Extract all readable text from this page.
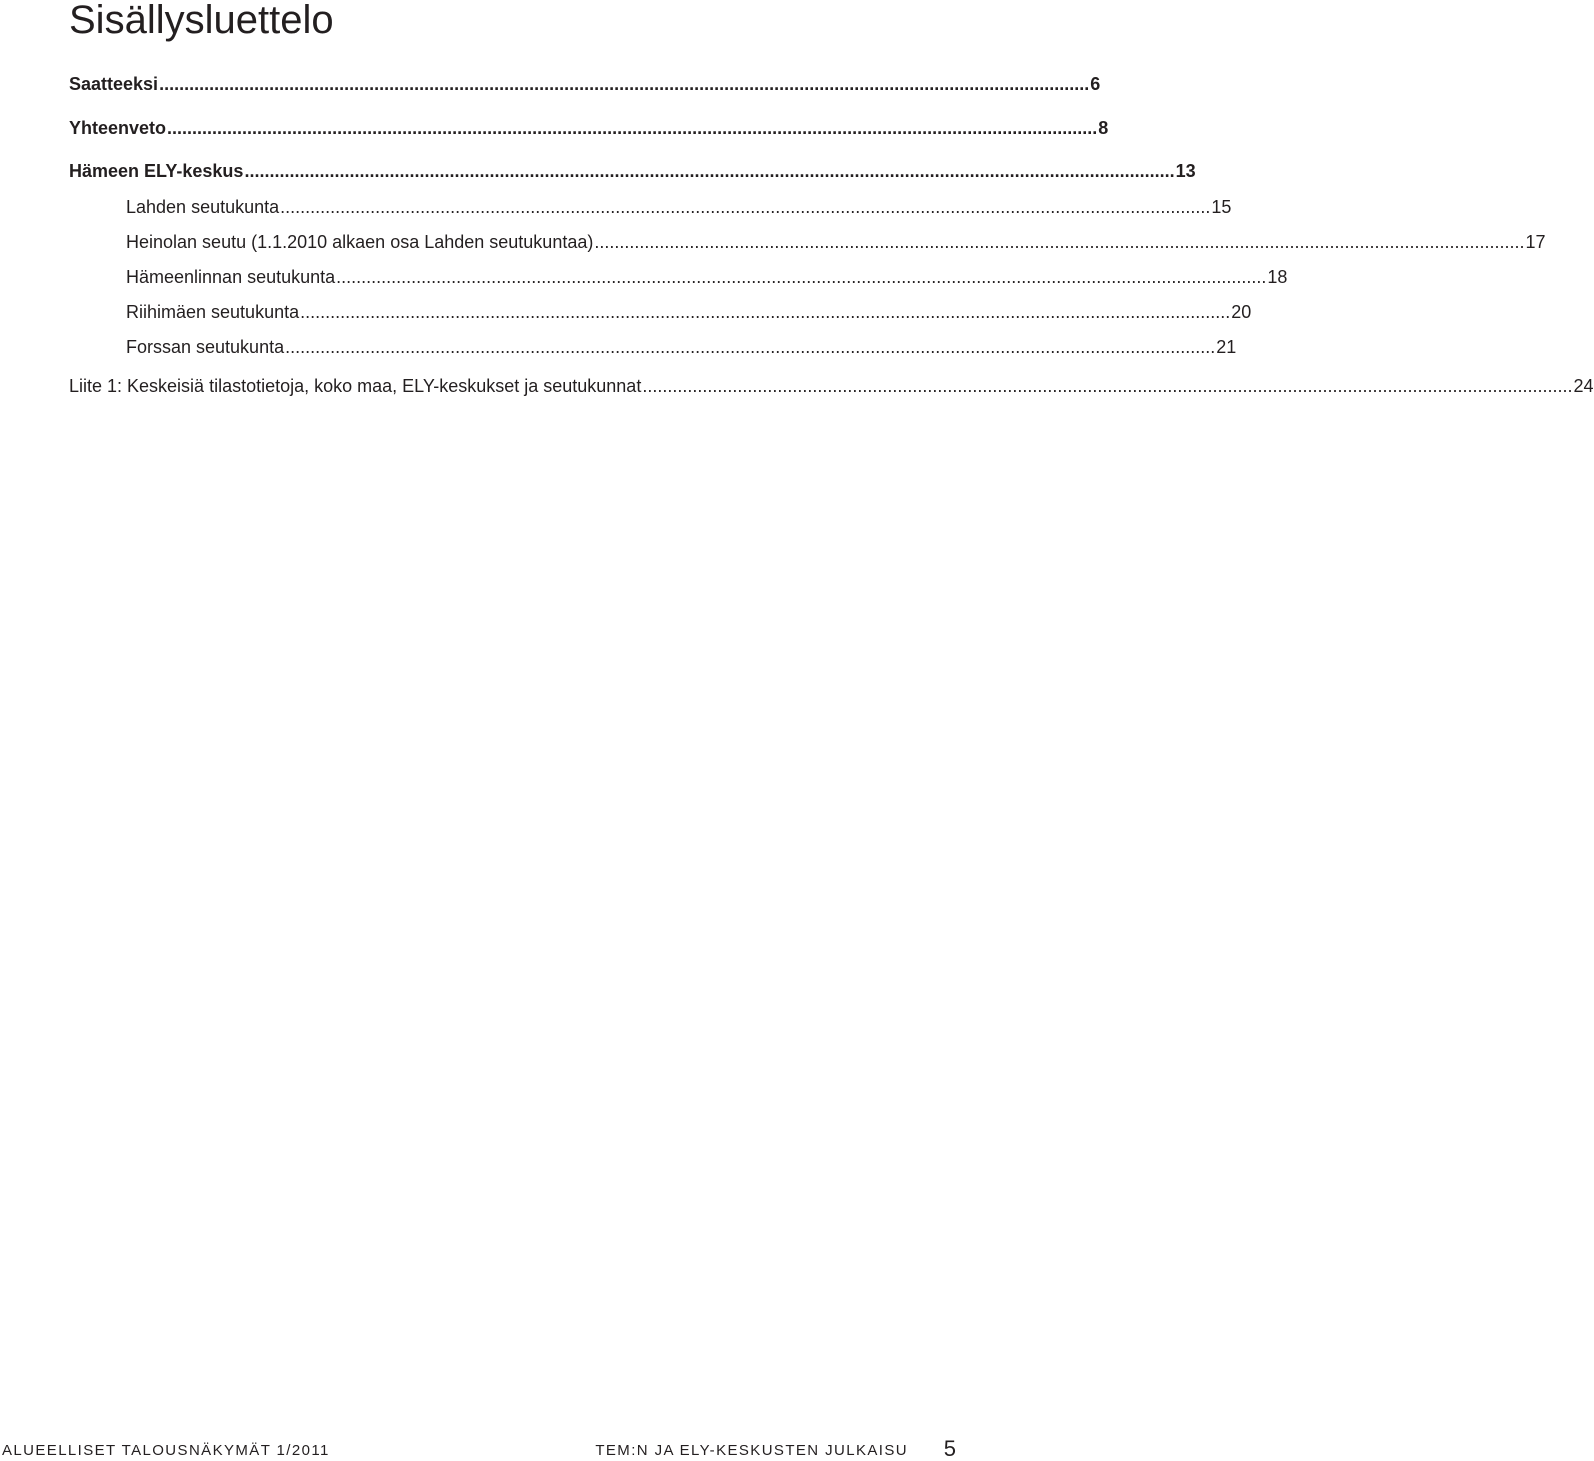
Sisällysluettelo
Saatteeksi .......................................................................................................................................................................................... 6
Yhteenveto .......................................................................................................................................................................................... 8
Hämeen ELY-keskus .......................................................................................................................................................................................... 13
Lahden seutukunta .......................................................................................................................................................................................... 15
Heinolan seutu (1.1.2010 alkaen osa Lahden seutukuntaa) .......................................................................................................................................................................................... 17
Hämeenlinnan seutukunta .......................................................................................................................................................................................... 18
Riihimäen seutukunta .......................................................................................................................................................................................... 20
Forssan seutukunta .......................................................................................................................................................................................... 21
Liite 1: Keskeisiä tilastotietoja, koko maa, ELY-keskukset ja seutukunnat .......................................................................................................................................................................................... 24
ALUEELLISET TALOUSNÄKYMÄT 1/2011	TEM:N JA ELY-KESKUSTEN JULKAISU 5
